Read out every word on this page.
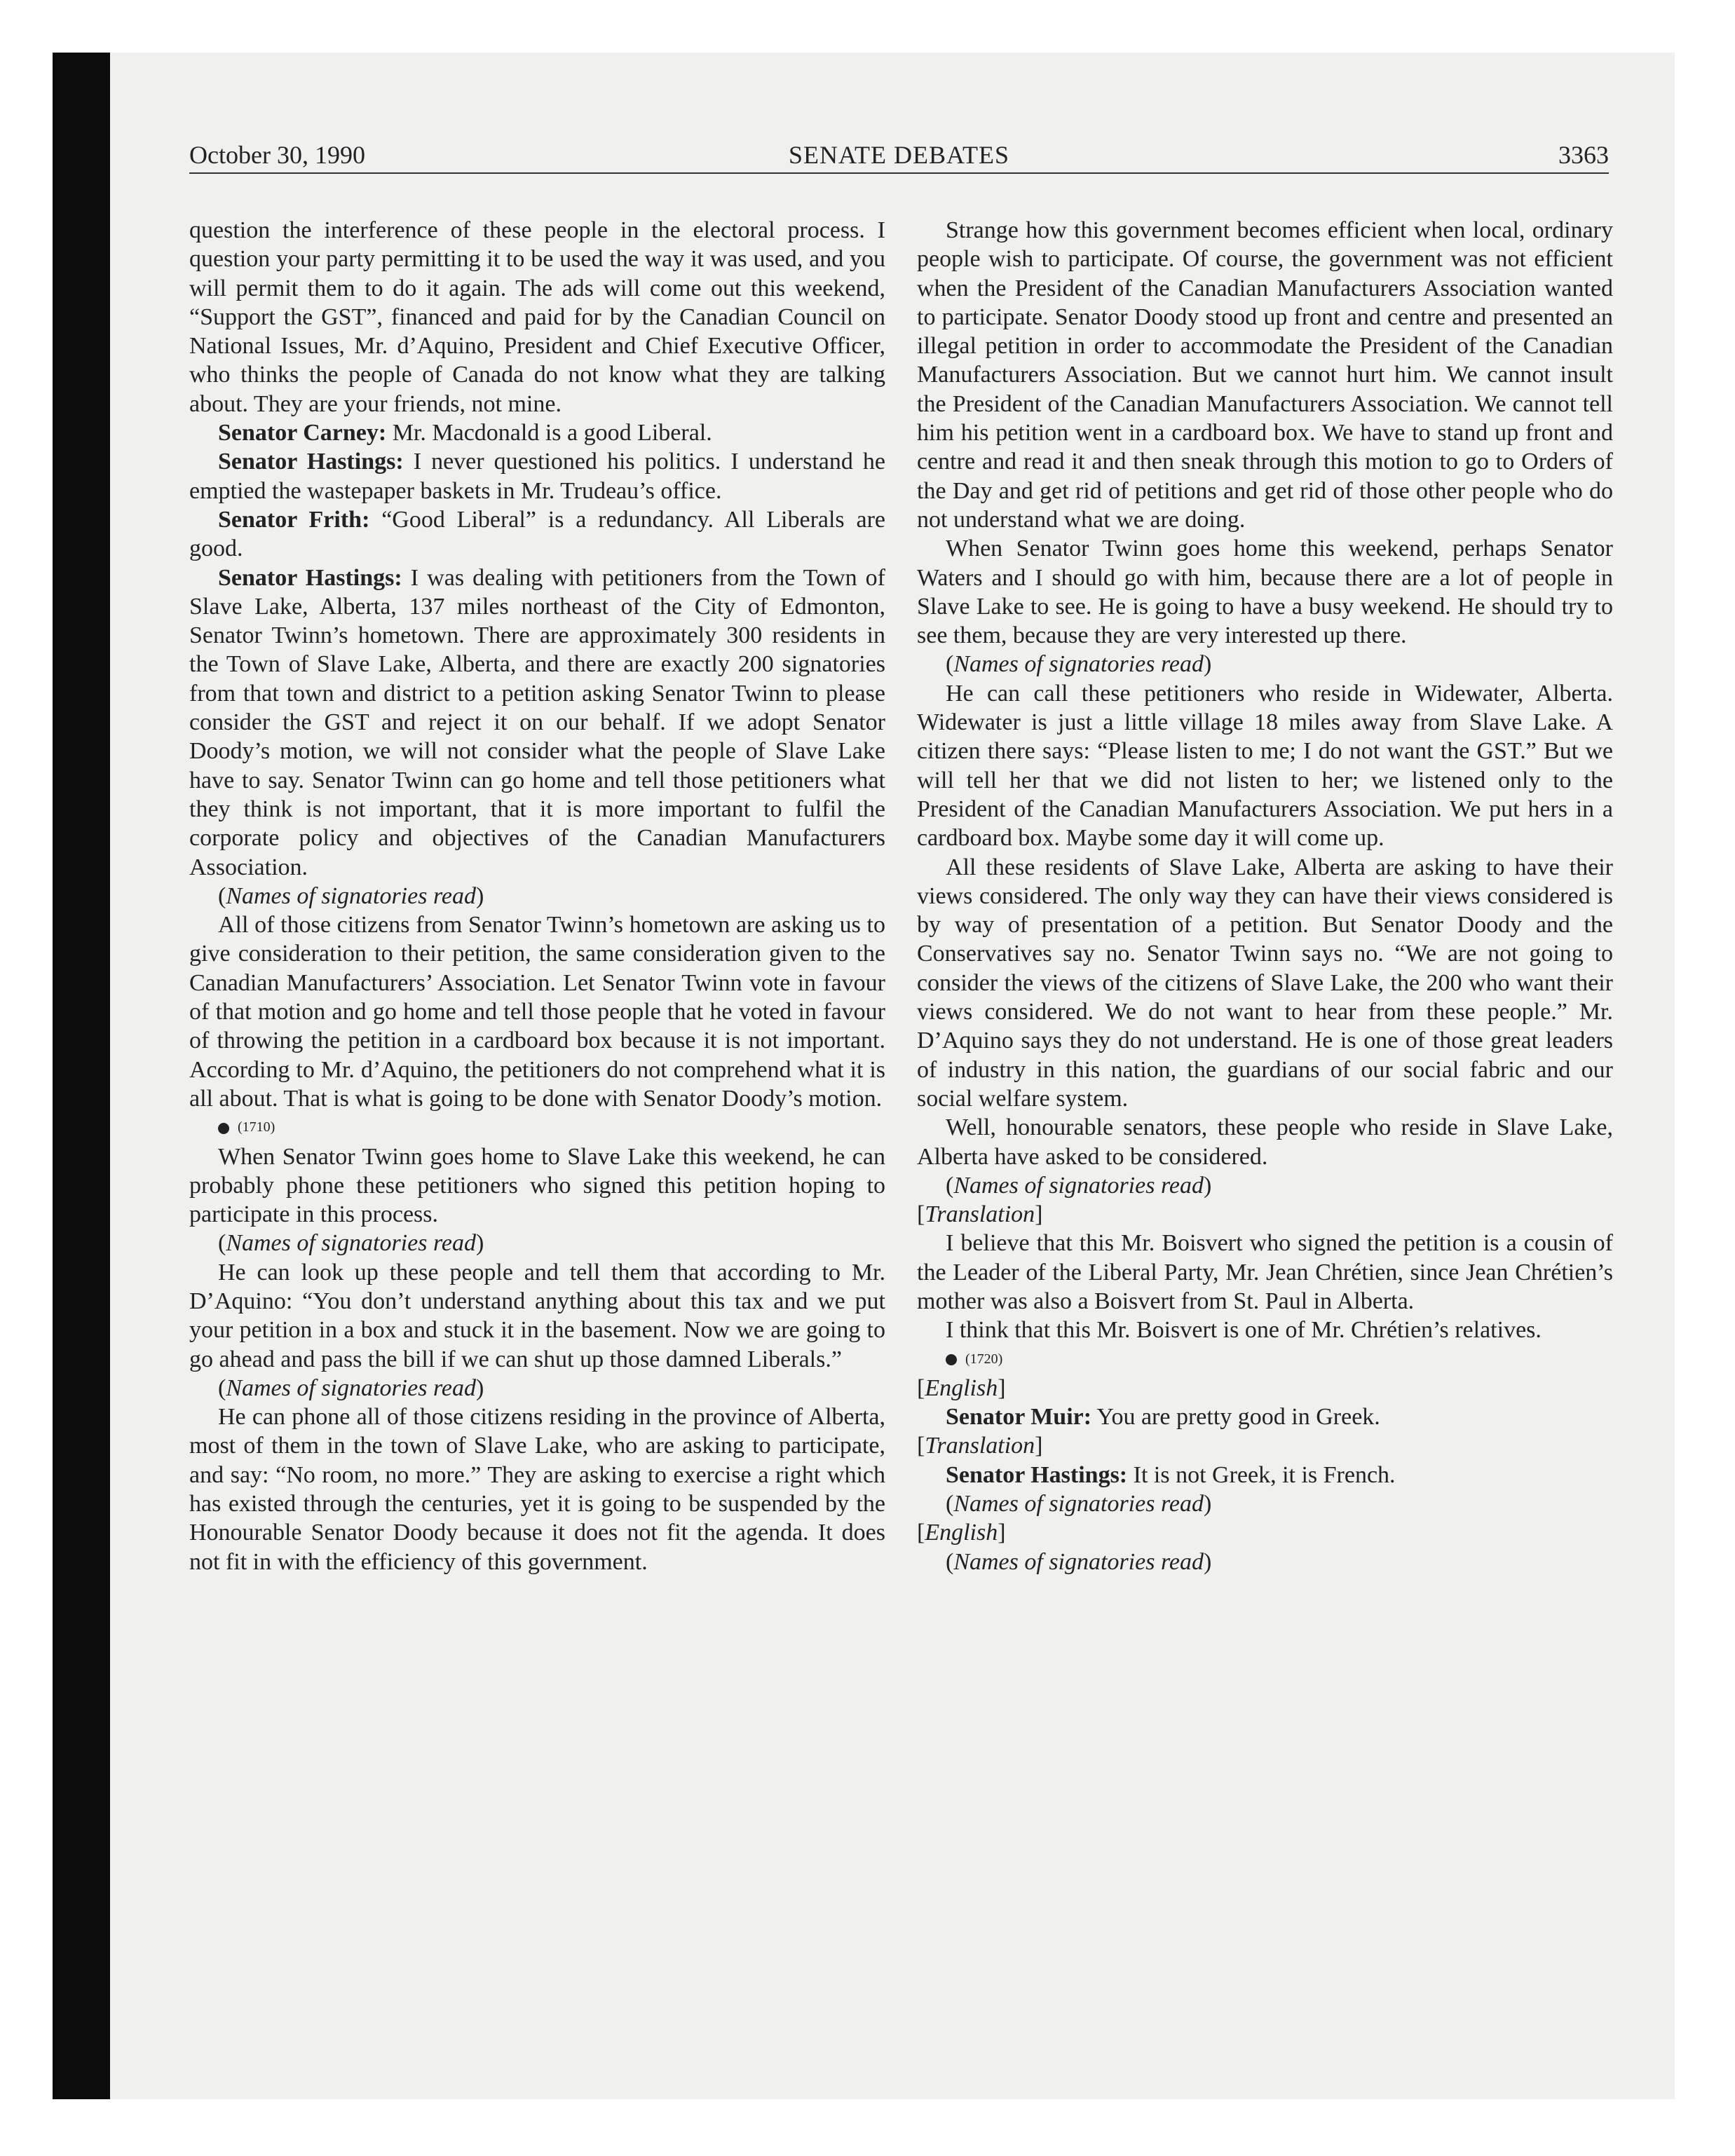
October 30, 1990	SENATE DEBATES	3363

question the interference of these people in the electoral process. I question your party permitting it to be used the way it was used, and you will permit them to do it again. The ads will come out this weekend, “Support the GST”, financed and paid for by the Canadian Council on National Issues, Mr. d’Aquino, President and Chief Executive Officer, who thinks the people of Canada do not know what they are talking about. They are your friends, not mine.

Senator Carney: Mr. Macdonald is a good Liberal.

Senator Hastings: I never questioned his politics. I understand he emptied the wastepaper baskets in Mr. Trudeau’s office.

Senator Frith: “Good Liberal” is a redundancy. All Liberals are good.

Senator Hastings: I was dealing with petitioners from the Town of Slave Lake, Alberta, 137 miles northeast of the City of Edmonton, Senator Twinn’s hometown. There are approximately 300 residents in the Town of Slave Lake, Alberta, and there are exactly 200 signatories from that town and district to a petition asking Senator Twinn to please consider the GST and reject it on our behalf. If we adopt Senator Doody’s motion, we will not consider what the people of Slave Lake have to say. Senator Twinn can go home and tell those petitioners what they think is not important, that it is more important to fulfil the corporate policy and objectives of the Canadian Manufacturers Association.

(Names of signatories read)

All of those citizens from Senator Twinn’s hometown are asking us to give consideration to their petition, the same consideration given to the Canadian Manufacturers’ Association. Let Senator Twinn vote in favour of that motion and go home and tell those people that he voted in favour of throwing the petition in a cardboard box because it is not important. According to Mr. d’Aquino, the petitioners do not comprehend what it is all about. That is what is going to be done with Senator Doody’s motion.

(1710)

When Senator Twinn goes home to Slave Lake this weekend, he can probably phone these petitioners who signed this petition hoping to participate in this process.

(Names of signatories read)

He can look up these people and tell them that according to Mr. D’Aquino: “You don’t understand anything about this tax and we put your petition in a box and stuck it in the basement. Now we are going to go ahead and pass the bill if we can shut up those damned Liberals.”

(Names of signatories read)

He can phone all of those citizens residing in the province of Alberta, most of them in the town of Slave Lake, who are asking to participate, and say: “No room, no more.” They are asking to exercise a right which has existed through the centuries, yet it is going to be suspended by the Honourable Senator Doody because it does not fit the agenda. It does not fit in with the efficiency of this government.

Strange how this government becomes efficient when local, ordinary people wish to participate. Of course, the government was not efficient when the President of the Canadian Manufacturers Association wanted to participate. Senator Doody stood up front and centre and presented an illegal petition in order to accommodate the President of the Canadian Manufacturers Association. But we cannot hurt him. We cannot insult the President of the Canadian Manufacturers Association. We cannot tell him his petition went in a cardboard box. We have to stand up front and centre and read it and then sneak through this motion to go to Orders of the Day and get rid of petitions and get rid of those other people who do not understand what we are doing.

When Senator Twinn goes home this weekend, perhaps Senator Waters and I should go with him, because there are a lot of people in Slave Lake to see. He is going to have a busy weekend. He should try to see them, because they are very interested up there.

(Names of signatories read)

He can call these petitioners who reside in Widewater, Alberta. Widewater is just a little village 18 miles away from Slave Lake. A citizen there says: “Please listen to me; I do not want the GST.” But we will tell her that we did not listen to her; we listened only to the President of the Canadian Manufacturers Association. We put hers in a cardboard box. Maybe some day it will come up.

All these residents of Slave Lake, Alberta are asking to have their views considered. The only way they can have their views considered is by way of presentation of a petition. But Senator Doody and the Conservatives say no. Senator Twinn says no. “We are not going to consider the views of the citizens of Slave Lake, the 200 who want their views considered. We do not want to hear from these people.” Mr. D’Aquino says they do not understand. He is one of those great leaders of industry in this nation, the guardians of our social fabric and our social welfare system.

Well, honourable senators, these people who reside in Slave Lake, Alberta have asked to be considered.

(Names of signatories read)

[Translation]

I believe that this Mr. Boisvert who signed the petition is a cousin of the Leader of the Liberal Party, Mr. Jean Chrétien, since Jean Chrétien’s mother was also a Boisvert from St. Paul in Alberta.

I think that this Mr. Boisvert is one of Mr. Chrétien’s relatives.

(1720)

[English]

Senator Muir: You are pretty good in Greek.

[Translation]

Senator Hastings: It is not Greek, it is French.

(Names of signatories read)

[English]

(Names of signatories read)
